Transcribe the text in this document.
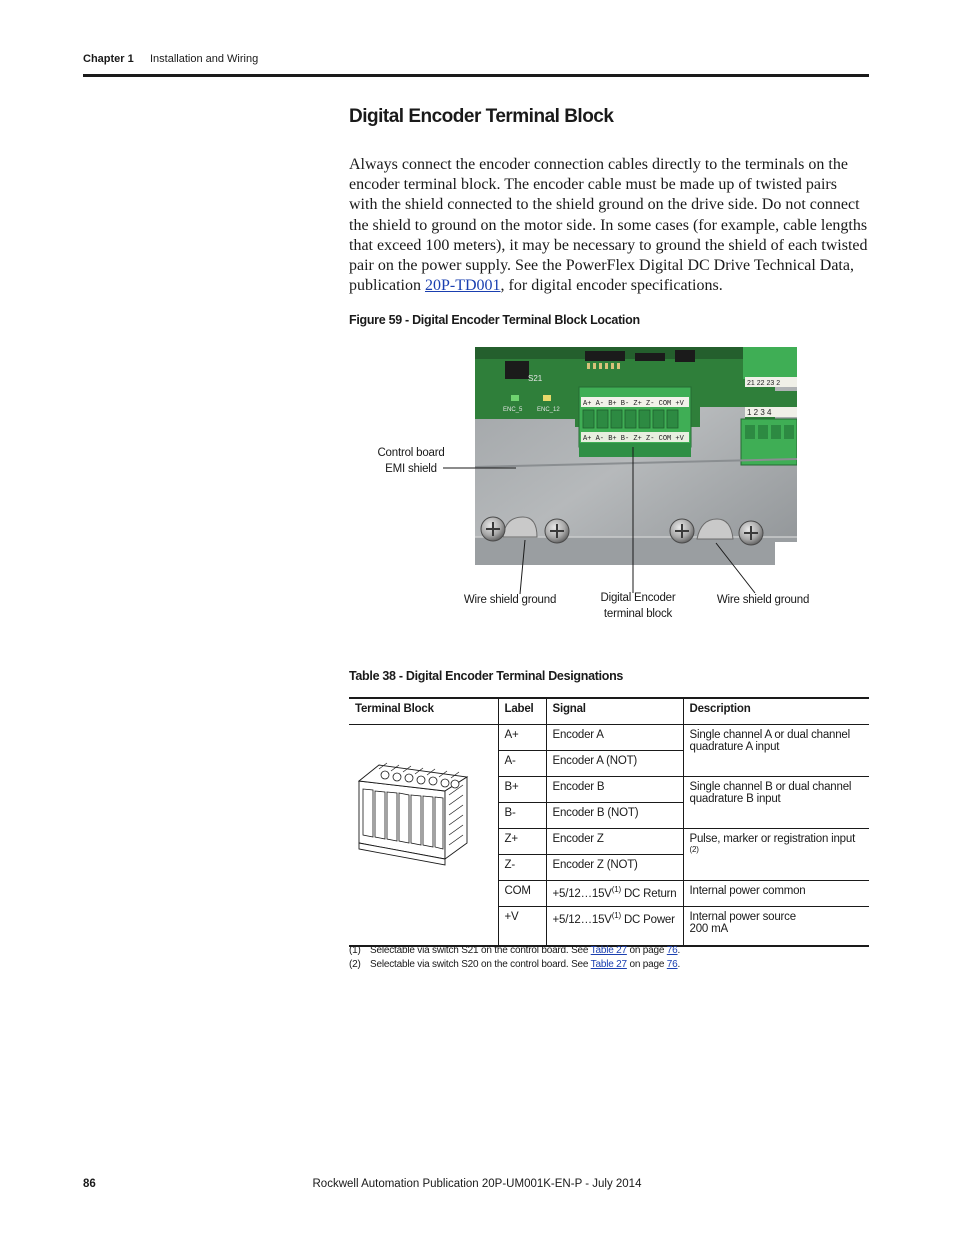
Chapter 1 Installation and Wiring
Digital Encoder Terminal Block

Always connect the encoder connection cables directly to the terminals on the encoder terminal block. The encoder cable must be made up of twisted pairs with the shield connected to the shield ground on the drive side. Do not connect the shield to ground on the motor side. In some cases (for example, cable lengths that exceed 100 meters), it may be necessary to ground the shield of each twisted pair on the power supply. See the PowerFlex Digital DC Drive Technical Data, publication 20P-TD001, for digital encoder specifications.

Figure 59 - Digital Encoder Terminal Block Location
S21
ENC_5 ENC_12
A+ A- B+ B- Z+ Z- COM +V
A+ A- B+ B- Z+ Z- COM +V
21 22 23 2
1 2 3 4
Control board
EMI shield
Wire shield ground	Digital Encoder
terminal block
Wire shield ground
Table 38 - Digital Encoder Terminal Designations
Terminal Block	Label	Signal	Description
	A+	Encoder A	Single channel A or dual channel
quadrature A input

	A-	Encoder A (NOT)	
	B+	Encoder B	Single channel B or dual channel
quadrature B input

	B-	Encoder B (NOT)	
	Z+	Encoder Z	Pulse, marker or registration input $^{(2)}$
	Z-	Encoder Z (NOT)	
	COM	$+5/12\dots 15V^{(1)}$ DC Return	Internal power common
	+V	$+5/12\dots 15V^{(1)}$ DC Power	Internal power source
200 mA
(1) Selectable via switch S21 on the control board. See Table 27 on page 76.
(2) Selectable via switch S20 on the control board. See Table 27 on page 76.
86	Rockwell Automation Publication 20P-UM001K-EN-P - July 2014
